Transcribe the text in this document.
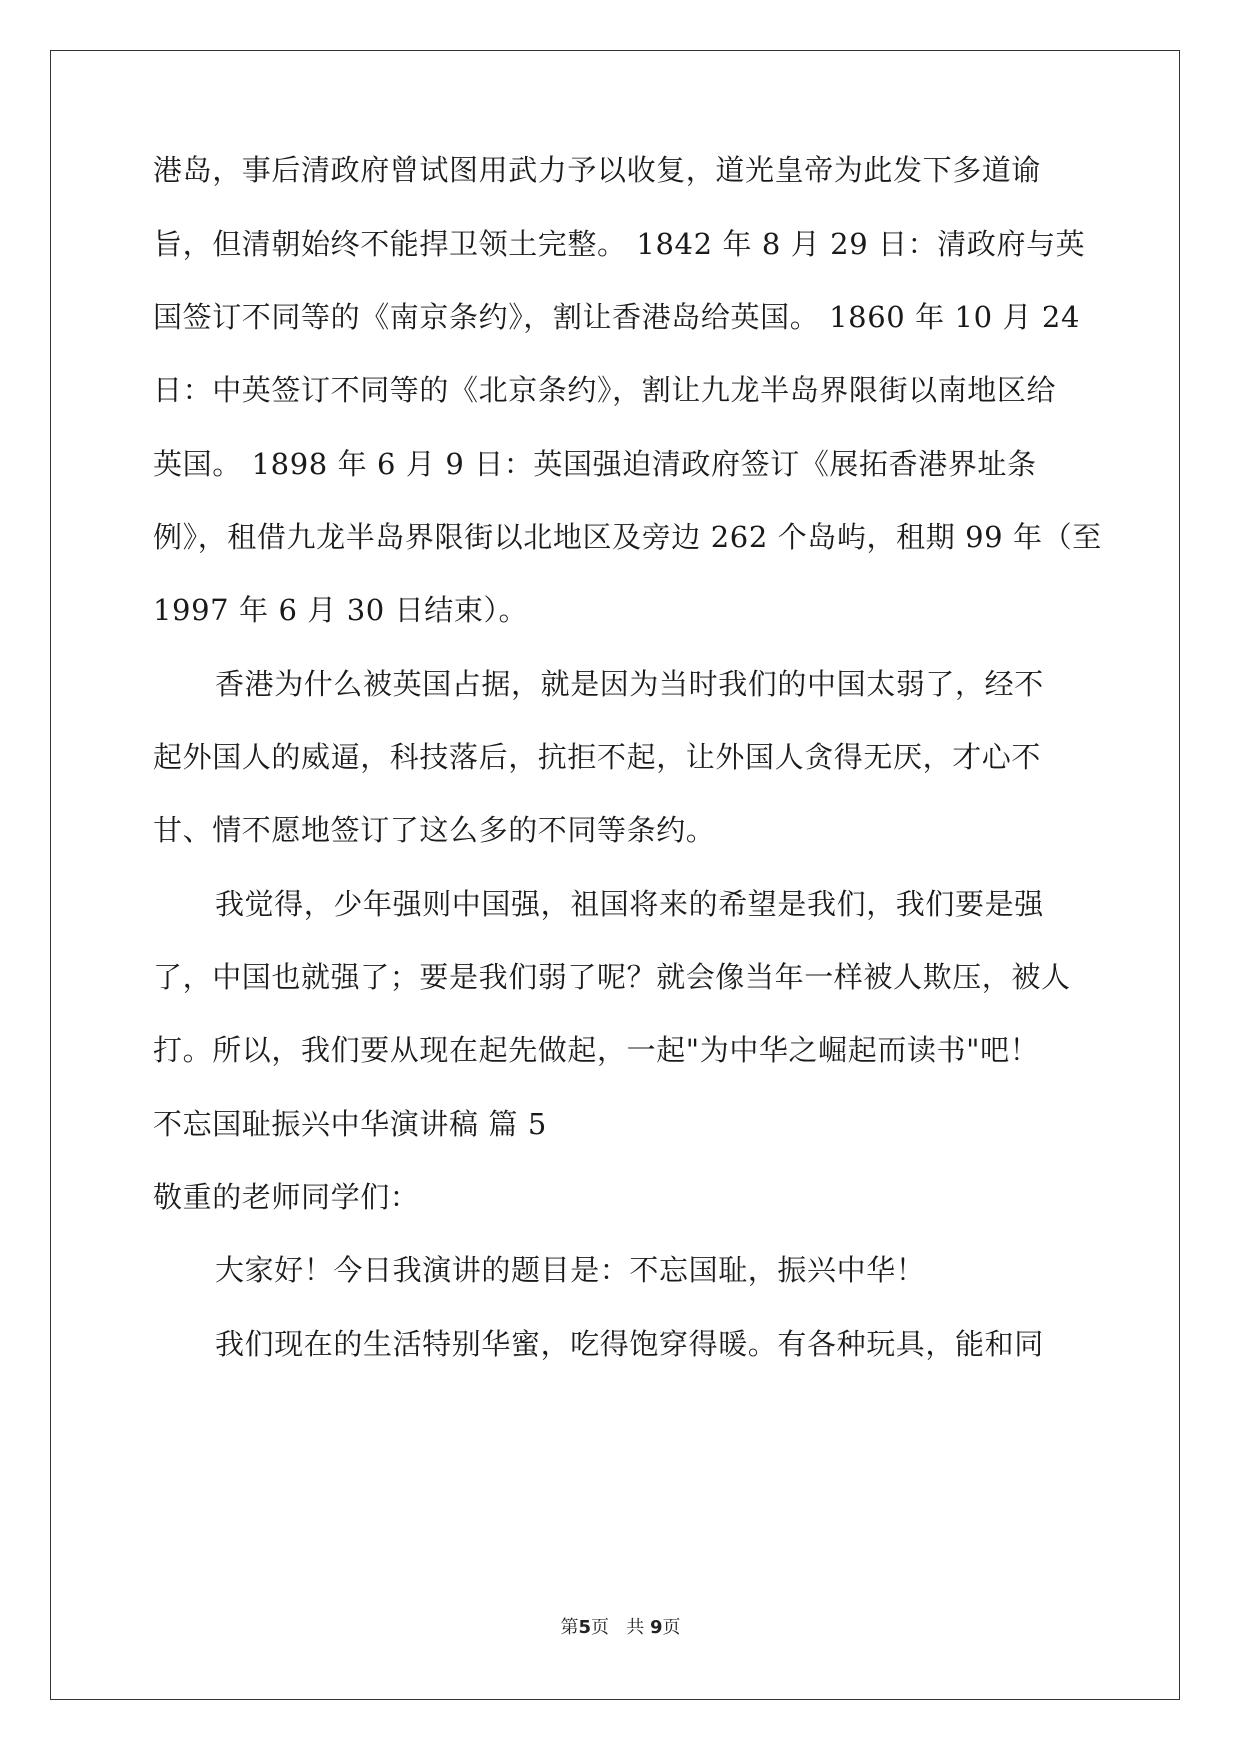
港岛，事后清政府曾试图用武力予以收复，道光皇帝为此发下多道谕
旨，但清朝始终不能捍卫领土完整。 1842 年 8 月 29 日：清政府与英
国签订不同等的《南京条约》，割让香港岛给英国。 1860 年 10 月 24
日：中英签订不同等的《北京条约》，割让九龙半岛界限街以南地区给
英国。 1898 年 6 月 9 日：英国强迫清政府签订《展拓香港界址条
例》，租借九龙半岛界限街以北地区及旁边 262 个岛屿，租期 99 年（至
1997 年 6 月 30 日结束）。
香港为什么被英国占据，就是因为当时我们的中国太弱了，经不
起外国人的威逼，科技落后，抗拒不起，让外国人贪得无厌，才心不
甘、情不愿地签订了这么多的不同等条约。
我觉得，少年强则中国强，祖国将来的希望是我们，我们要是强
了，中国也就强了；要是我们弱了呢？就会像当年一样被人欺压，被人
打。所以，我们要从现在起先做起，一起"为中华之崛起而读书"吧！
不忘国耻振兴中华演讲稿 篇 5
敬重的老师同学们：
大家好！今日我演讲的题目是：不忘国耻，振兴中华！
我们现在的生活特别华蜜，吃得饱穿得暖。有各种玩具，能和同
第5页 共 9页
